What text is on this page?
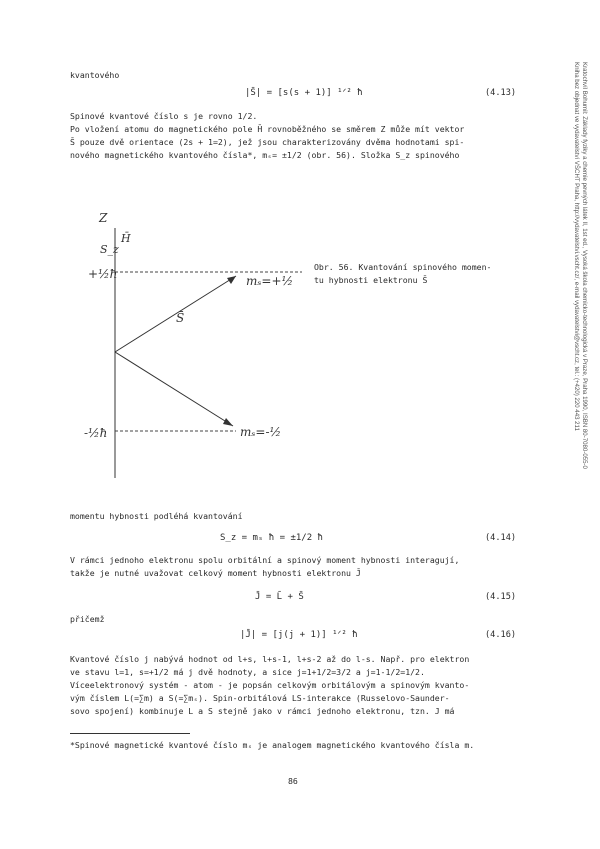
Kratochvíl Bohumil: Základy fyziky a chemie pevných látek II, 1st ed., Vysoká škola chemicko-technologická v Praze, Praha 1990, ISBN 80-7080-055-0
Kniha bez objednat ve vydavatelství VŠCHT Praha, http://vydavatelstvi.vscht.cz/, e-mail vydavatelstvi@vscht.cz, tel.: (+420) 220 443 211
kvantového
|S̄| = [s(s + 1)] ¹ᐟ² ħ	(4.13)
Spinové kvantové číslo s je rovno 1/2.
Po vložení atomu do magnetického pole H̄ rovnoběžného se směrem Z může mít vektor
S̄ pouze dvě orientace (2s + 1=2), jež jsou charakterizovány dvěma hodnotami spi-
nového magnetického kvantového čísla*, mₛ= ±1/2 (obr. 56). Složka S_z spinového
Z
H̄
S_z
+½ħ
-½ħ
mₛ=+½
mₛ=-½
S̄
Obr. 56. Kvantování spinového momen-
tu hybnosti elektronu S̄
momentu hybnosti podléhá kvantování
S_z = mₛ ħ = ±1/2 ħ	(4.14)
V rámci jednoho elektronu spolu orbitální a spinový moment hybnosti interagují,
takže je nutné uvažovat celkový moment hybnosti elektronu J̄
J̄ = L̄ + S̄	(4.15)
přičemž
|J̄| = [j(j + 1)] ¹ᐟ² ħ	(4.16)
Kvantové číslo j nabývá hodnot od l+s, l+s-1, l+s-2 až do l-s. Např. pro elektron
ve stavu l=1, s=+1/2 má j dvě hodnoty, a sice j=1+1/2=3/2 a j=1-1/2=1/2.
Víceelektronový systém - atom - je popsán celkovým orbitálovým a spinovým kvanto-
vým číslem L(=∑m) a S(=∑mₛ). Spin-orbitálová LS-interakce (Russelovo-Saunder-
sovo spojení) kombinuje L a S stejně jako v rámci jednoho elektronu, tzn. J má
*Spinové magnetické kvantové číslo mₛ je analogem magnetického kvantového čísla m.
86
